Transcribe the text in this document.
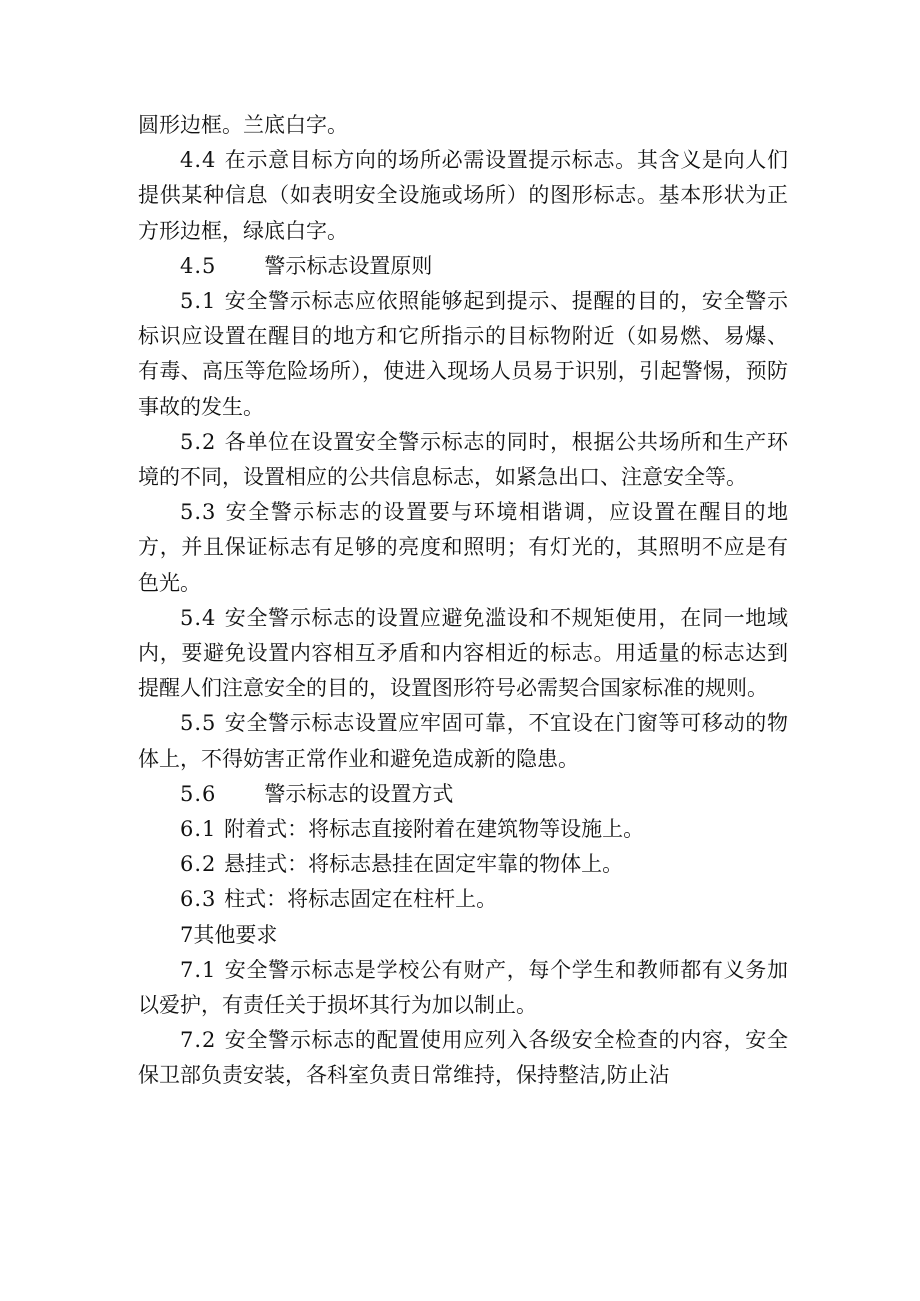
圆形边框。兰底白字。

4.4 在示意目标方向的场所必需设置提示标志。其含义是向人们提供某种信息（如表明安全设施或场所）的图形标志。基本形状为正方形边框，绿底白字。

4.5 警示标志设置原则

5.1 安全警示标志应依照能够起到提示、提醒的目的，安全警示标识应设置在醒目的地方和它所指示的目标物附近（如易燃、易爆、有毒、高压等危险场所），使进入现场人员易于识别，引起警惕，预防事故的发生。

5.2 各单位在设置安全警示标志的同时，根据公共场所和生产环境的不同，设置相应的公共信息标志，如紧急出口、注意安全等。

5.3 安全警示标志的设置要与环境相谐调，应设置在醒目的地方，并且保证标志有足够的亮度和照明；有灯光的，其照明不应是有色光。

5.4 安全警示标志的设置应避免滥设和不规矩使用，在同一地域内，要避免设置内容相互矛盾和内容相近的标志。用适量的标志达到提醒人们注意安全的目的，设置图形符号必需契合国家标准的规则。

5.5 安全警示标志设置应牢固可靠，不宜设在门窗等可移动的物体上，不得妨害正常作业和避免造成新的隐患。

5.6 警示标志的设置方式

6.1 附着式：将标志直接附着在建筑物等设施上。

6.2 悬挂式：将标志悬挂在固定牢靠的物体上。

6.3 柱式：将标志固定在柱杆上。

7其他要求

7.1 安全警示标志是学校公有财产，每个学生和教师都有义务加以爱护，有责任关于损坏其行为加以制止。

7.2 安全警示标志的配置使用应列入各级安全检查的内容，安全保卫部负责安装，各科室负责日常维持，保持整洁,防止沾
